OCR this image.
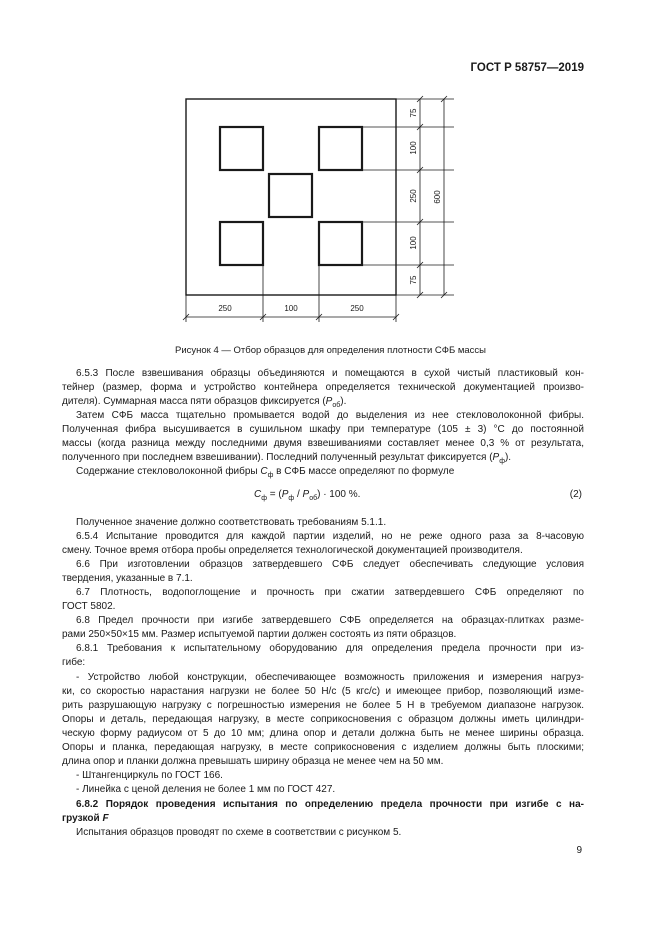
ГОСТ Р 58757—2019
250	100	250
75
100
250
100
75
600
Рисунок 4 — Отбор образцов для определения плотности СФБ массы
6.5.3 После взвешивания образцы объединяются и помещаются в сухой чистый пластиковый кон-
тейнер (размер, форма и устройство контейнера определяется технической документацией произво-
дителя). Суммарная масса пяти образцов фиксируется $(P_{об})$.
Затем СФБ масса тщательно промывается водой до выделения из нее стекловолоконной фибры.
Полученная фибра высушивается в сушильном шкафу при температуре (105 ± 3) °С до постоянной
массы (когда разница между последними двумя взвешиваниями составляет менее 0,3 % от результата,
полученного при последнем взвешивании). Последний полученный результат фиксируется $(P_ф)$.
Содержание стекловолоконной фибры $С_ф$ в СФБ массе определяют по формуле
$С_ф = (P_ф / P_{об}) \cdot 100$ %.	(2)
Полученное значение должно соответствовать требованиям 5.1.1.
6.5.4 Испытание проводится для каждой партии изделий, но не реже одного раза за 8-часовую
смену. Точное время отбора пробы определяется технологической документацией производителя.
6.6 При изготовлении образцов затвердевшего СФБ следует обеспечивать следующие условия
твердения, указанные в 7.1.
6.7 Плотность, водопоглощение и прочность при сжатии затвердевшего СФБ определяют по
ГОСТ 5802.
6.8 Предел прочности при изгибе затвердевшего СФБ определяется на образцах-плитках разме-
рами 250×50×15 мм. Размер испытуемой партии должен состоять из пяти образцов.
6.8.1 Требования к испытательному оборудованию для определения предела прочности при из-
гибе:
- Устройство любой конструкции, обеспечивающее возможность приложения и измерения нагруз-
ки, со скоростью нарастания нагрузки не более 50 Н/с (5 кгс/с) и имеющее прибор, позволяющий измe-
рить разрушающую нагрузку с погрешностью измерения не более 5 Н в требуемом диапазоне нагрузок.
Опоры и деталь, передающая нагрузку, в месте соприкосновения с образцом должны иметь цилиндри-
ческую форму радиусом от 5 до 10 мм; длина опор и детали должна быть не менее ширины образца.
Опоры и планка, передающая нагрузку, в месте соприкосновения с изделием должны быть плоскими;
длина опор и планки должна превышать ширину образца не менее чем на 50 мм.
- Штангенциркуль по ГОСТ 166.
- Линейка с ценой деления не более 1 мм по ГОСТ 427.
6.8.2 Порядок проведения испытания по определению предела прочности при изгибе с на-
грузкой F
Испытания образцов проводят по схеме в соответствии с рисунком 5.
9
